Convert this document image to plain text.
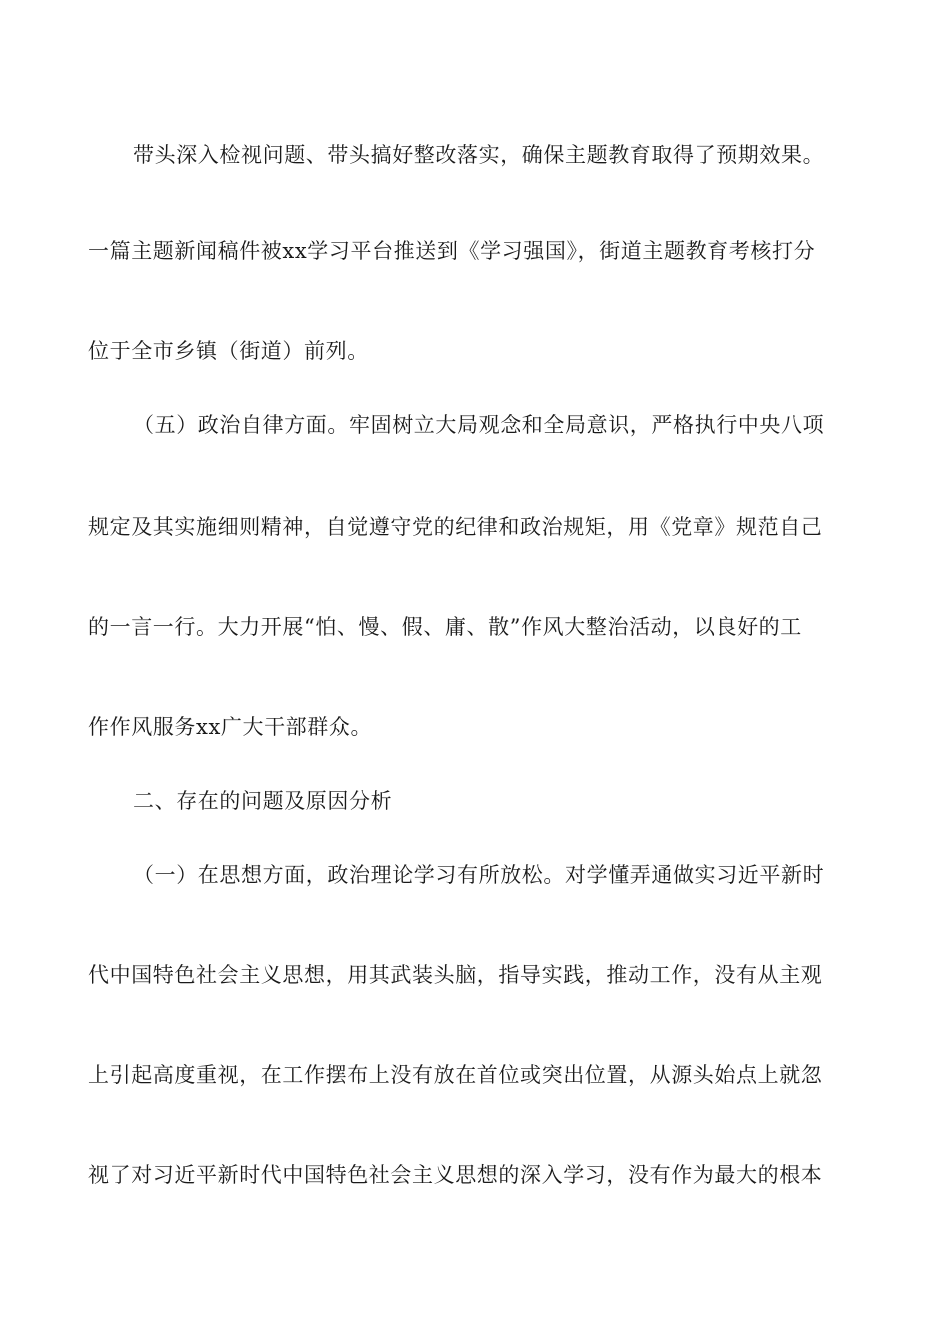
带头深入检视问题、带头搞好整改落实，确保主题教育取得了预期效果。
一篇主题新闻稿件被xx学习平台推送到《学习强国》，街道主题教育考核打分
位于全市乡镇（街道）前列。
（五）政治自律方面。牢固树立大局观念和全局意识，严格执行中央八项
规定及其实施细则精神，自觉遵守党的纪律和政治规矩，用《党章》规范自己
的一言一行。大力开展“怕、慢、假、庸、散”作风大整治活动，以良好的工
作作风服务xx广大干部群众。
二、存在的问题及原因分析
（一）在思想方面，政治理论学习有所放松。对学懂弄通做实习近平新时
代中国特色社会主义思想，用其武装头脑，指导实践，推动工作，没有从主观
上引起高度重视，在工作摆布上没有放在首位或突出位置，从源头始点上就忽
视了对习近平新时代中国特色社会主义思想的深入学习，没有作为最大的根本
